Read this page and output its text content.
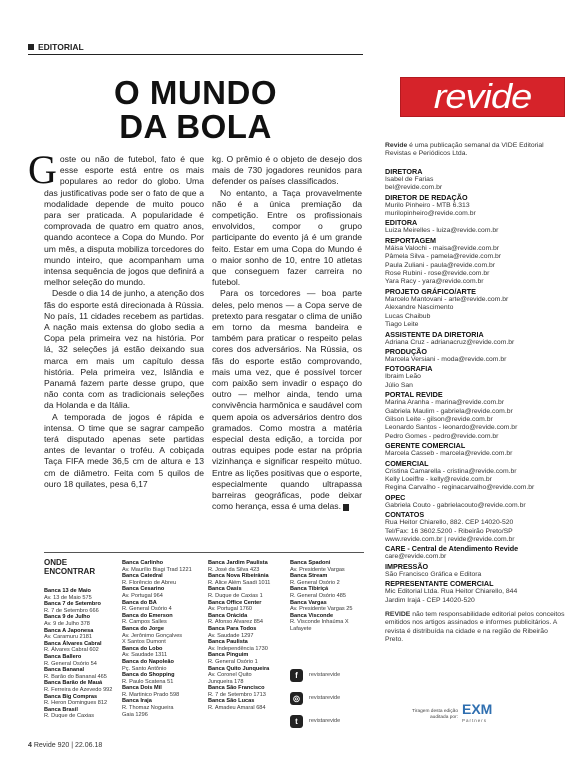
EDITORIAL
O MUNDO
DA BOLA

Goste ou não de futebol, fato é que esse esporte está entre os mais populares ao redor do globo. Uma das justificativas pode ser o fato de que a modalidade depende de muito pouco para ser praticada. A popularidade é comprovada de quatro em quatro anos, quando acontece a Copa do Mundo. Por um mês, a disputa mobiliza torcedores do mundo inteiro, que acompanham uma intensa sequência de jogos que definirá a melhor seleção do mundo.

Desde o dia 14 de junho, a atenção dos fãs do esporte está direcionada à Rússia. No país, 11 cidades recebem as partidas. A nação mais extensa do globo sedia a Copa pela primeira vez na história. Por lá, 32 seleções já estão deixando sua marca em mais um capítulo dessa história. Pela primeira vez, Islândia e Panamá fazem parte desse grupo, que não conta com as tradicionais seleções da Holanda e da Itália.

A temporada de jogos é rápida e intensa. O time que se sagrar campeão terá disputado apenas sete partidas antes de levantar o troféu. A cobiçada Taça FIFA mede 36,5 cm de altura e 13 cm de diâmetro. Feita com 5 quilos de ouro 18 quilates, pesa 6,17

kg. O prêmio é o objeto de desejo dos mais de 730 jogadores reunidos para defender os países classificados.

No entanto, a Taça provavelmente não é a única premiação da competição. Entre os profissionais envolvidos, compor o grupo participante do evento já é um grande feito. Estar em uma Copa do Mundo é o maior sonho de 10, entre 10 atletas que conseguem fazer carreira no futebol.

Para os torcedores — boa parte deles, pelo menos — a Copa serve de pretexto para resgatar o clima de união em torno da mesma bandeira e também para praticar o respeito pelas cores dos adversários. Na Rússia, os fãs do esporte estão comprovando, mais uma vez, que é possível torcer com paixão sem invadir o espaço do outro — melhor ainda, tendo uma convivência harmônica e saudável com quem apoia os adversários dentro dos gramados. Como mostra a matéria especial desta edição, a torcida por outras equipes pode estar na própria vizinhança e significar respeito mútuo. Entre as lições positivas que o esporte, especialmente quando ultrapassa barreiras geográficas, pode deixar como herança, essa é uma delas.

ONDE
ENCONTRAR
Banca 13 de Maio
Av. 13 de Maio 575
Banca 7 de Setembro
R. 7 de Setembro 666
Banca 9 de Julho
Av. 9 de Julho 378
Banca A Japonesa
Av. Caramuru 2181
Banca Álvares Cabral
R. Álvares Cabral 602
Banca Ballero
R. General Osório 54
Banca Bananal
R. Barão do Bananal 465
Banca Barão de Mauá
R. Ferreira de Azevedo 992
Banca Big Compras
R. Heron Domingues 812
Banca Brasil
R. Duque de Caxias
Banca Carlinho
Av. Maurílio Biagi Trad 1221
Banca Catedral
R. Florêncio de Abreu
Banca Cesarino
Av. Portugal 964
Banca do BA
R. General Osório 4
Banca do Emerson
R. Campos Salles
Banca do Jorge
Av. Jerônimo Gonçalves
X Santos Dumont
Banca do Lobo
Av. Saudade 1311
Banca do Napoleão
Pç. Santo Antônio
Banca do Shopping
R. Paulo Scatena 51
Banca Dois Mil
R. Martinico Prado 598
Banca Iraja
R. Thomaz Nogueira
Gaia 1296
Banca Jardim Paulista
R. José da Silva 423
Banca Nova Ribeirânia
R. Alice Além Saadi 1011
Banca Oasis
R. Duque de Caxias 1
Banca Office Center
Av. Portugal 1760
Banca Orácida
R. Afonso Alvarez 854
Banca Para Todos
Av. Saudade 1297
Banca Paulista
Av. Independência 1730
Banca Pinguim
R. General Osório 1
Banca Quito Junqueira
Av. Coronel Quito
Junqueira 178
Banca São Francisco
R. 7 de Setembro 1713
Banca São Lucas
R. Amadeu Amaral 684
Banca Spadoni
Av. Presidente Vargas
Banca Stream
R. General Osório 2
Banca Tibiriçá
R. General Osório 485
Banca Vargas
Av. Presidente Vargas 25
Banca Visconde
R. Visconde Inhaúma X
Lafayete
f	revistarevide
◎	revistarevide
t	revistarevide
4 Revide 920 | 22.06.18
revide
Revide é uma publicação semanal da VIDE Editorial Revistas e Periódicos Ltda.
DIRETORA
Isabel de Farias
bel@revide.com.br
DIRETOR DE REDAÇÃO
Murilo Pinheiro - MTB 6.313
murilopinheiro@revide.com.br
EDITORA
Luiza Meirelles - luiza@revide.com.br
REPORTAGEM
Máisa Valochi - maisa@revide.com.br
Pâmela Silva - pamela@revide.com.br
Paula Zuliani - paula@revide.com.br
Rose Rubini - rose@revide.com.br
Yara Racy - yara@revide.com.br
PROJETO GRÁFICO/ARTE
Marcelo Mantovani - arte@revide.com.br
Alexandre Nascimento
Lucas Chaibub
Tiago Leite
ASSISTENTE DA DIRETORIA
Adriana Cruz - adrianacruz@revide.com.br
PRODUÇÃO
Marcela Versiani - moda@revide.com.br
FOTOGRAFIA
Ibraim Leão
Júlio San
PORTAL REVIDE
Marina Aranha - marina@revide.com.br
Gabriela Maulim - gabriela@revide.com.br
Gilson Leite - gilson@revide.com.br
Leonardo Santos - leonardo@revide.com.br
Pedro Gomes - pedro@revide.com.br
GERENTE COMERCIAL
Marcela Casseb - marcela@revide.com.br
COMERCIAL
Cristina Camarella - cristina@revide.com.br
Kelly Loeiffre - kelly@revide.com.br
Regina Carvalho - reginacarvalho@revide.com.br
OPEC
Gabriela Couto - gabrielacouto@revide.com.br
CONTATOS
Rua Heitor Chiarello, 882. CEP 14020-520
Tel/Fax: 16 3602.5200 - Ribeirão Preto/SP
www.revide.com.br | revide@revide.com.br
CARE - Central de Atendimento Revide
care@revide.com.br
IMPRESSÃO
São Francisco Gráfica e Editora
REPRESENTANTE COMERCIAL
Mic Editorial Ltda. Rua Heitor Chiarello, 844
Jardim Irajá - CEP 14020-520
REVIDE não tem responsabilidade editorial pelos conceitos emitidos nos artigos assinados e informes publicitários. A revista é distribuída na cidade e na região de Ribeirão Preto.
Tiragem desta edição auditada por:
EXM
Partners
